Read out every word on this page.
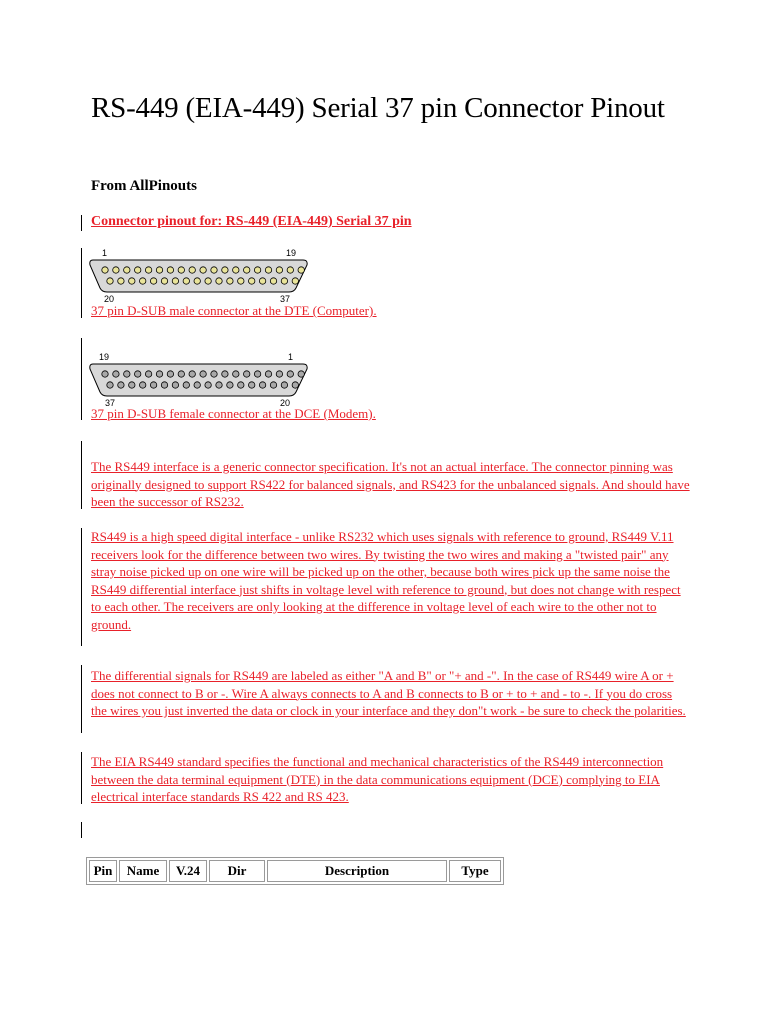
RS-449 (EIA-449) Serial 37 pin Connector Pinout

From AllPinouts

Connector pinout for: RS-449 (EIA-449) Serial 37 pin

1	19
20	37

37 pin D-SUB male connector at the DTE (Computer).

19	1
37	20

37 pin D-SUB female connector at the DCE (Modem).

The RS449 interface is a generic connector specification. It's not an actual interface. The connector pinning was originally designed to support RS422 for balanced signals, and RS423 for the unbalanced signals. And should have been the successor of RS232.

RS449 is a high speed digital interface - unlike RS232 which uses signals with reference to ground, RS449 V.11 receivers look for the difference between two wires. By twisting the two wires and making a "twisted pair" any stray noise picked up on one wire will be picked up on the other, because both wires pick up the same noise the RS449 differential interface just shifts in voltage level with reference to ground, but does not change with respect to each other. The receivers are only looking at the difference in voltage level of each wire to the other not to ground.

The differential signals for RS449 are labeled as either "A and B" or "+ and -". In the case of RS449 wire A or + does not connect to B or -. Wire A always connects to A and B connects to B or + to + and - to -. If you do cross the wires you just inverted the data or clock in your interface and they don"t work - be sure to check the polarities.

The EIA RS449 standard specifies the functional and mechanical characteristics of the RS449 interconnection between the data terminal equipment (DTE) in the data communications equipment (DCE) complying to EIA electrical interface standards RS 422 and RS 423.

Pin	Name	V.24	Dir	Description	Type
